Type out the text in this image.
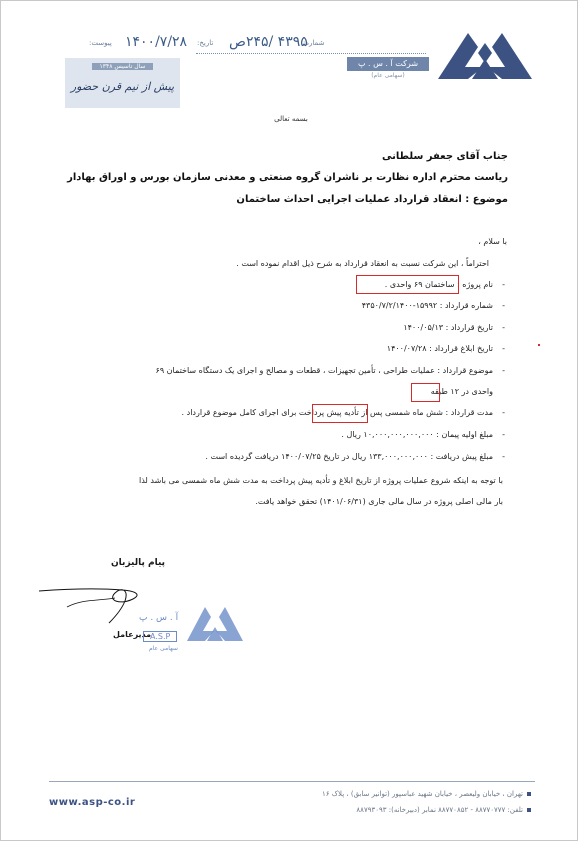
شماره:
۴۳۹۵ /۲۴۵ص
تاریخ:
۱۴۰۰/۷/۲۸
پیوست:
شرکت آ . س . پ
(سهامی عام)
سال تاسیس ۱۳۴۸
پیش از نیم قرن حضور
بسمه تعالی
جناب آقای جعفر سلطانی
ریاست محترم اداره نظارت بر ناشران گروه صنعتی و معدنی سازمان بورس و اوراق بهادار
موضوع : انعقاد قرارداد عملیات اجرایی احداث ساختمان
با سلام ،
احتراماً ، این شرکت نسبت به انعقاد قرارداد به شرح ذیل اقدام نموده است .
- نام پروژه : ساختمان ۶۹ واحدی .
- شماره قرارداد : ۱۵۹۹۲-۴۳۵۰/۷/۲/۱۴۰۰
- تاریخ قرارداد : ۱۴۰۰/۰۵/۱۳
- تاریخ ابلاغ قرارداد : ۱۴۰۰/۰۷/۲۸
- موضوع قرارداد : عملیات طراحی ، تأمین تجهیزات ، قطعات و مصالح و اجرای یک دستگاه ساختمان ۶۹
واحدی در ۱۲ طبقه
- مدت قرارداد : شش ماه شمسی پس از تأدیه پیش پرداخت برای اجرای کامل موضوع قرارداد .
- مبلغ اولیه پیمان : ۱۰,۰۰۰,۰۰۰,۰۰۰,۰۰۰ ریال .
- مبلغ پیش دریافت : ۱۳۳,۰۰۰,۰۰۰,۰۰۰ ریال در تاریخ ۱۴۰۰/۰۷/۲۵ دریافت گردیده است .
با توجه به اینکه شروع عملیات پروژه از تاریخ ابلاغ و تأدیه پیش پرداخت به مدت شش ماه شمسی می باشد لذا
بار مالی اصلی پروژه در سال مالی جاری (۱۴۰۱/۰۶/۳۱) تحقق خواهد یافت.
پیام پالیزبان
مدیرعامل
آ . س . پ
A.S.P
سهامی عام
www.asp-co.ir
تهران ، خیابان ولیعصر ، خیابان شهید عباسپور (توانیر سابق) ، پلاک ۱۶
تلفن: ۸۸۷۷۰۷۷۷ - ۸۸۷۷۰۸۵۲ نمابر (دبیرخانه): ۸۸۷۹۳۰۹۳
